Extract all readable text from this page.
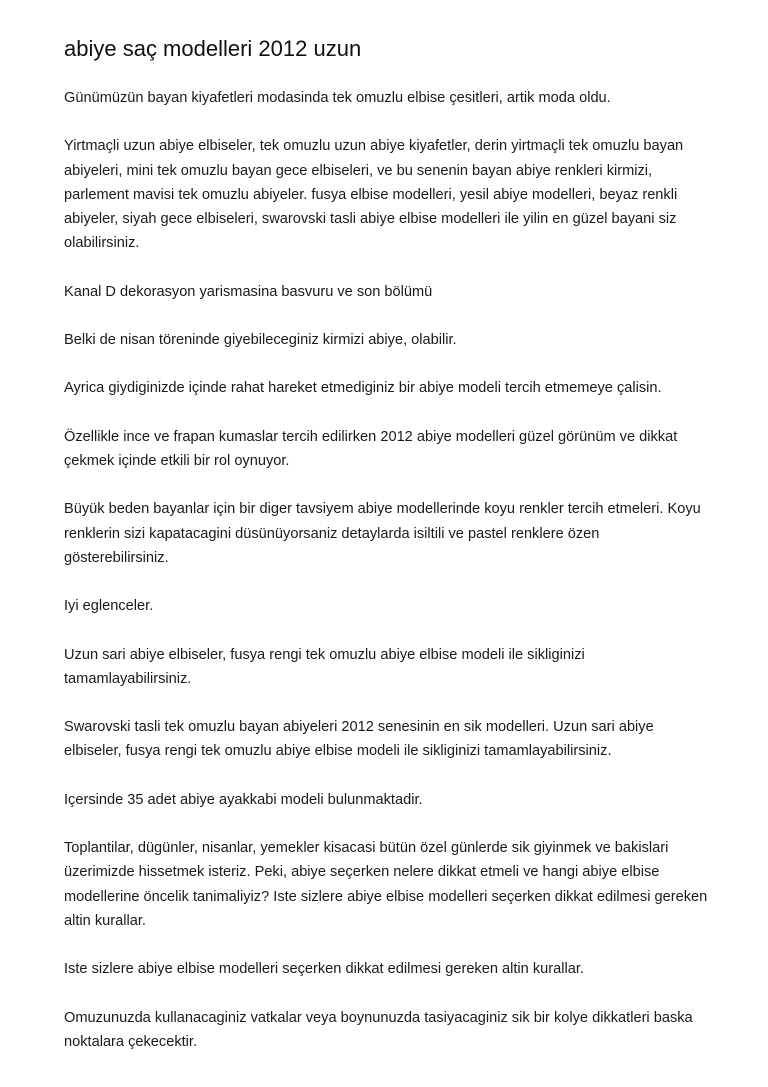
abiye saç modelleri 2012 uzun

Günümüzün bayan kiyafetleri modasinda tek omuzlu elbise çesitleri, artik moda oldu.

Yirtmaçli uzun abiye elbiseler, tek omuzlu uzun abiye kiyafetler, derin yirtmaçli tek omuzlu bayan abiyeleri, mini tek omuzlu bayan gece elbiseleri, ve bu senenin bayan abiye renkleri kirmizi, parlement mavisi tek omuzlu abiyeler. fusya elbise modelleri, yesil abiye modelleri, beyaz renkli abiyeler, siyah gece elbiseleri, swarovski tasli abiye elbise modelleri ile yilin en güzel bayani siz olabilirsiniz.

Kanal D dekorasyon yarismasina basvuru ve son bölümü

Belki de nisan töreninde giyebileceginiz kirmizi abiye, olabilir.

Ayrica giydiginizde içinde rahat hareket etmediginiz bir abiye modeli tercih etmemeye çalisin.

Özellikle ince ve frapan kumaslar tercih edilirken 2012 abiye modelleri güzel görünüm ve dikkat çekmek içinde etkili bir rol oynuyor.

Büyük beden bayanlar için bir diger tavsiyem abiye modellerinde koyu renkler tercih etmeleri. Koyu renklerin sizi kapatacagini düsünüyorsaniz detaylarda isiltili ve pastel renklere özen gösterebilirsiniz.

Iyi eglenceler.

Uzun sari abiye elbiseler, fusya rengi tek omuzlu abiye elbise modeli ile sikliginizi tamamlayabilirsiniz.

Swarovski tasli tek omuzlu bayan abiyeleri 2012 senesinin en sik modelleri. Uzun sari abiye elbiseler, fusya rengi tek omuzlu abiye elbise modeli ile sikliginizi tamamlayabilirsiniz.

Içersinde 35 adet abiye ayakkabi modeli bulunmaktadir.

Toplantilar, dügünler, nisanlar, yemekler kisacasi bütün özel günlerde sik giyinmek ve bakislari üzerimizde hissetmek isteriz. Peki, abiye seçerken nelere dikkat etmeli ve hangi abiye elbise modellerine öncelik tanimaliyiz? Iste sizlere abiye elbise modelleri seçerken dikkat edilmesi gereken altin kurallar.

Iste sizlere abiye elbise modelleri seçerken dikkat edilmesi gereken altin kurallar.

Omuzunuzda kullanacaginiz vatkalar veya boynunuzda tasiyacaginiz sik bir kolye dikkatleri baska noktalara çekecektir.
